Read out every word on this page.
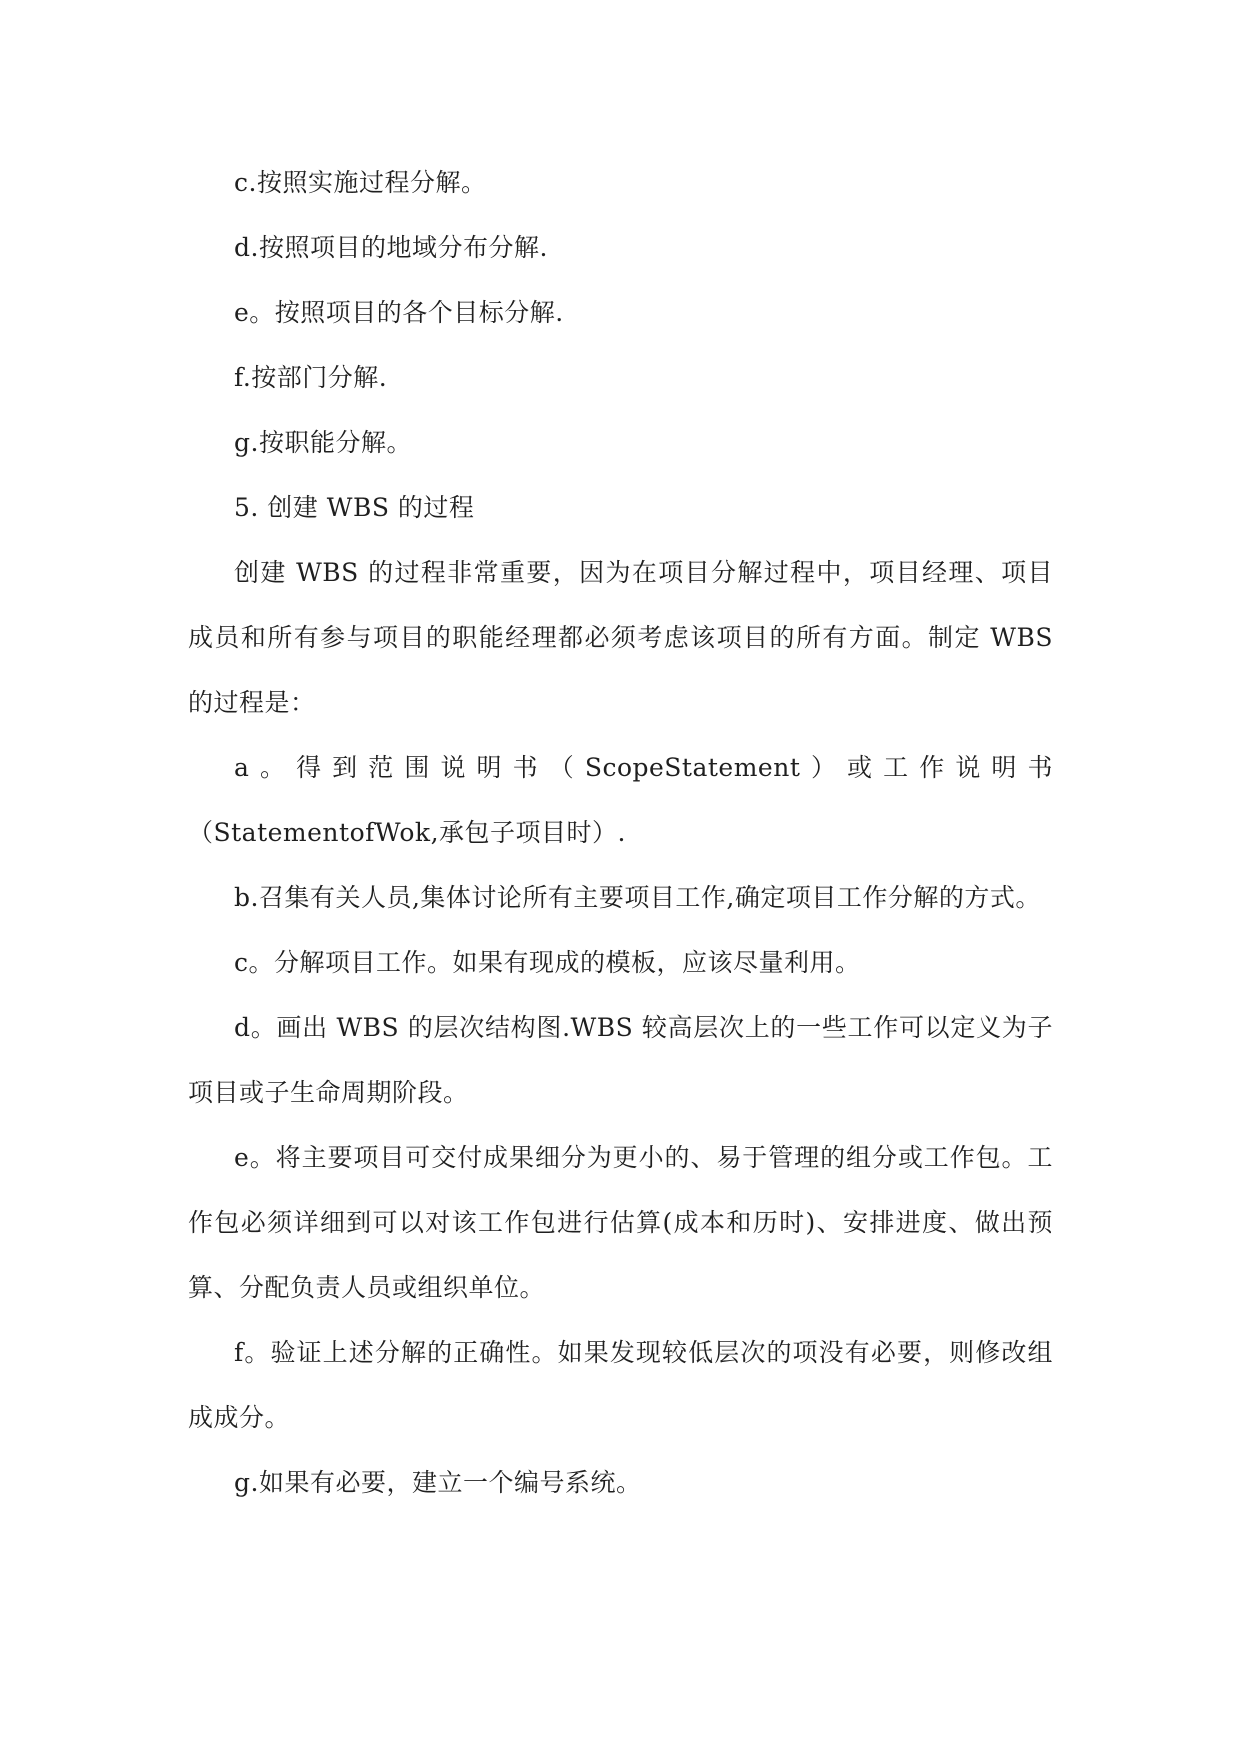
c.按照实施过程分解。

d.按照项目的地域分布分解.

e。按照项目的各个目标分解.

f.按部门分解.

g.按职能分解。

5. 创建 WBS 的过程

创建 WBS 的过程非常重要，因为在项目分解过程中，项目经理、项目成员和所有参与项目的职能经理都必须考虑该项目的所有方面。制定 WBS 的过程是：

a。得到范围说明书（ScopeStatement）或工作说明书（StatementofWok,承包子项目时）.

b.召集有关人员,集体讨论所有主要项目工作,确定项目工作分解的方式。

c。分解项目工作。如果有现成的模板，应该尽量利用。

d。画出 WBS 的层次结构图.WBS 较高层次上的一些工作可以定义为子项目或子生命周期阶段。

e。将主要项目可交付成果细分为更小的、易于管理的组分或工作包。工作包必须详细到可以对该工作包进行估算(成本和历时)、安排进度、做出预算、分配负责人员或组织单位。

f。验证上述分解的正确性。如果发现较低层次的项没有必要，则修改组成成分。

g.如果有必要，建立一个编号系统。
